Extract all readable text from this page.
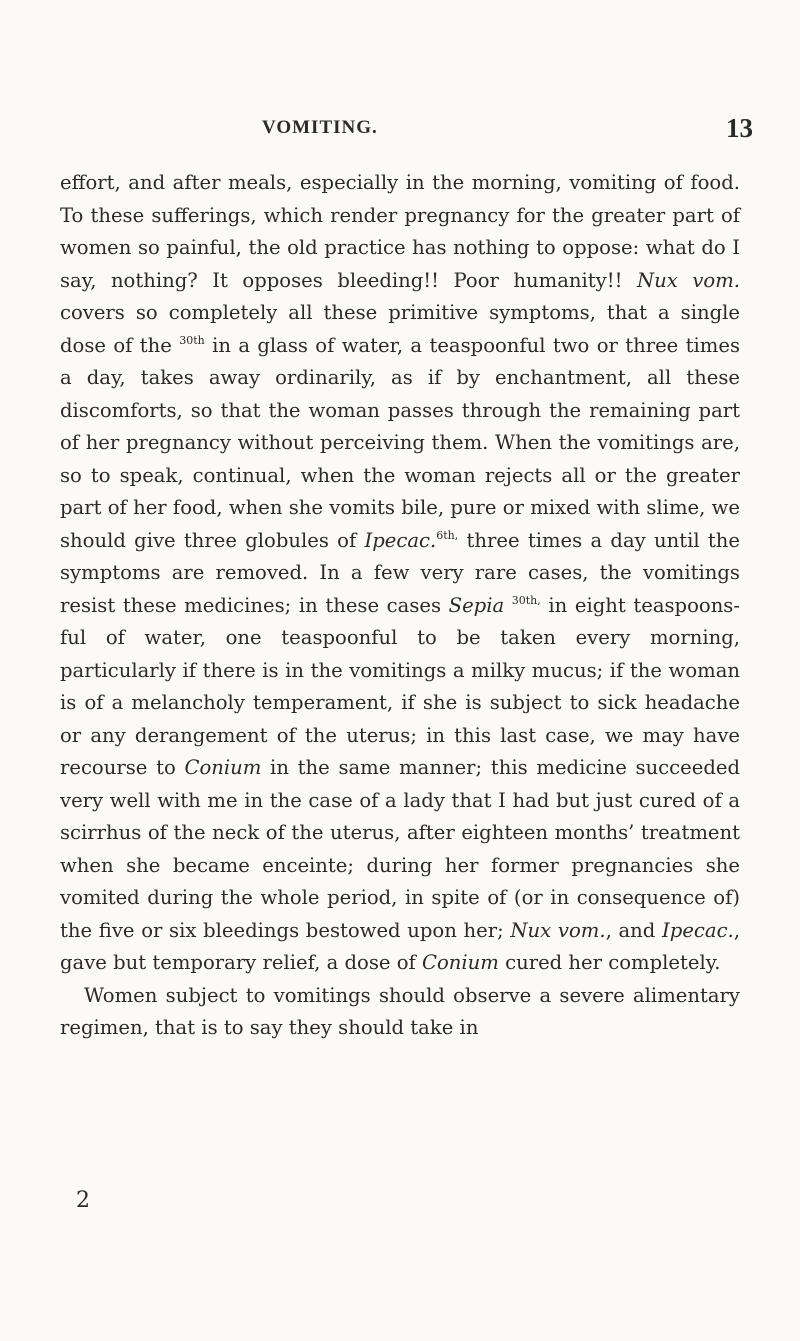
VOMITING.	13

effort, and after meals, especially in the morning, vomiting of food. To these sufferings, which render pregnancy for the greater part of women so painful, the old practice has nothing to oppose: what do I say, nothing? It opposes bleeding!! Poor humanity!! Nux vom. covers so completely all these primitive symptoms, that a single dose of the $^{30th}$ in a glass of water, a teaspoonful two or three times a day, takes away ordinarily, as if by enchantment, all these discomforts, so that the woman passes through the remaining part of her pregnancy without perceiving them. When the vomitings are, so to speak, continual, when the woman rejects all or the greater part of her food, when she vomits bile, pure or mixed with slime, we should give three globules of Ipecac.$^{6th,}$ three times a day until the symptoms are removed. In a few very rare cases, the vomitings resist these medicines; in these cases Sepia $^{30th,}$ in eight teaspoonsful of water, one teaspoonful to be taken every morning, particularly if there is in the vomitings a milky mucus; if the woman is of a melancholy temperament, if she is subject to sick headache or any derangement of the uterus; in this last case, we may have recourse to Conium in the same manner; this medicine succeeded very well with me in the case of a lady that I had but just cured of a scirrhus of the neck of the uterus, after eighteen months’ treatment when she became enceinte; during her former pregnancies she vomited during the whole period, in spite of (or in consequence of) the five or six bleedings bestowed upon her; Nux vom., and Ipecac., gave but temporary relief, a dose of Conium cured her completely.

Women subject to vomitings should observe a severe alimentary regimen, that is to say they should take in

2
